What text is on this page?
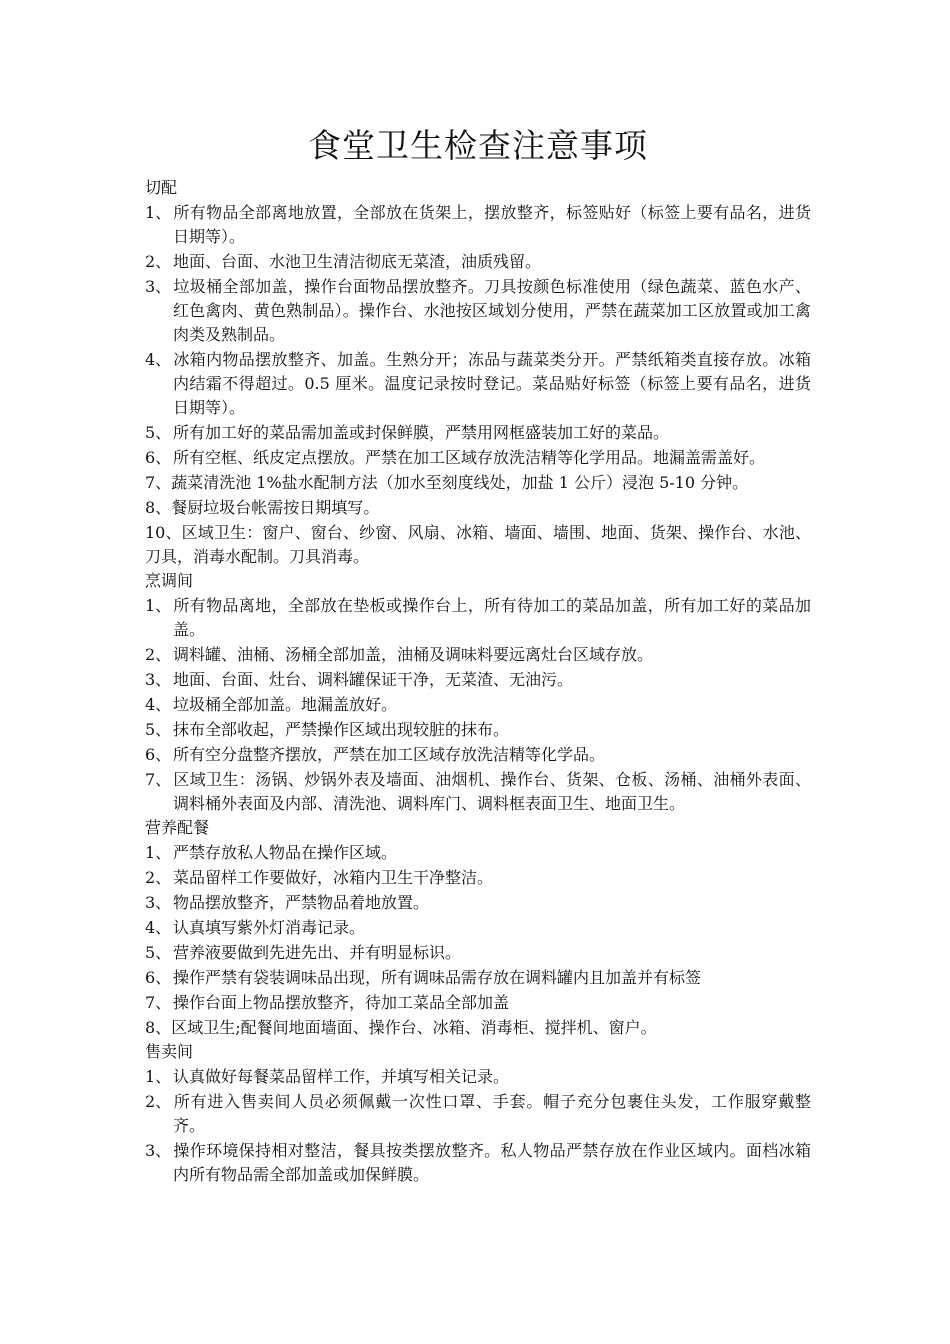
食堂卫生检查注意事项
切配
1、 所有物品全部离地放置，全部放在货架上，摆放整齐，标签贴好（标签上要有品名，进货日期等）。
2、 地面、台面、水池卫生清洁彻底无菜渣，油质残留。
3、 垃圾桶全部加盖，操作台面物品摆放整齐。刀具按颜色标准使用（绿色蔬菜、蓝色水产、红色禽肉、黄色熟制品）。操作台、水池按区域划分使用，严禁在蔬菜加工区放置或加工禽肉类及熟制品。
4、 冰箱内物品摆放整齐、加盖。生熟分开；冻品与蔬菜类分开。严禁纸箱类直接存放。冰箱内结霜不得超过。0.5 厘米。温度记录按时登记。菜品贴好标签（标签上要有品名，进货日期等）。
5、 所有加工好的菜品需加盖或封保鲜膜，严禁用网框盛装加工好的菜品。
6、 所有空框、纸皮定点摆放。严禁在加工区域存放洗洁精等化学用品。地漏盖需盖好。
7、蔬菜清洗池 1%盐水配制方法（加水至刻度线处，加盐 1 公斤）浸泡 5-10 分钟。
8、餐厨垃圾台帐需按日期填写。
10、区域卫生：窗户、窗台、纱窗、风扇、冰箱、墙面、墙围、地面、货架、操作台、水池、刀具，消毒水配制。刀具消毒。
烹调间
1、 所有物品离地，全部放在垫板或操作台上，所有待加工的菜品加盖，所有加工好的菜品加盖。
2、 调料罐、油桶、汤桶全部加盖，油桶及调味料要远离灶台区域存放。
3、 地面、台面、灶台、调料罐保证干净，无菜渣、无油污。
4、 垃圾桶全部加盖。地漏盖放好。
5、 抹布全部收起，严禁操作区域出现较脏的抹布。
6、 所有空分盘整齐摆放，严禁在加工区域存放洗洁精等化学品。
7、 区域卫生：汤锅、炒锅外表及墙面、油烟机、操作台、货架、仓板、汤桶、油桶外表面、调料桶外表面及内部、清洗池、调料库门、调料框表面卫生、地面卫生。
营养配餐
1、 严禁存放私人物品在操作区域。
2、 菜品留样工作要做好，冰箱内卫生干净整洁。
3、 物品摆放整齐，严禁物品着地放置。
4、 认真填写紫外灯消毒记录。
5、 营养液要做到先进先出、并有明显标识。
6、 操作严禁有袋装调味品出现，所有调味品需存放在调料罐内且加盖并有标签
7、 操作台面上物品摆放整齐，待加工菜品全部加盖
8、区域卫生;配餐间地面墙面、操作台、冰箱、消毒柜、搅拌机、窗户。
售卖间
1、 认真做好每餐菜品留样工作，并填写相关记录。
2、 所有进入售卖间人员必须佩戴一次性口罩、手套。帽子充分包裹住头发，工作服穿戴整齐。
3、 操作环境保持相对整洁，餐具按类摆放整齐。私人物品严禁存放在作业区域内。面档冰箱内所有物品需全部加盖或加保鲜膜。
